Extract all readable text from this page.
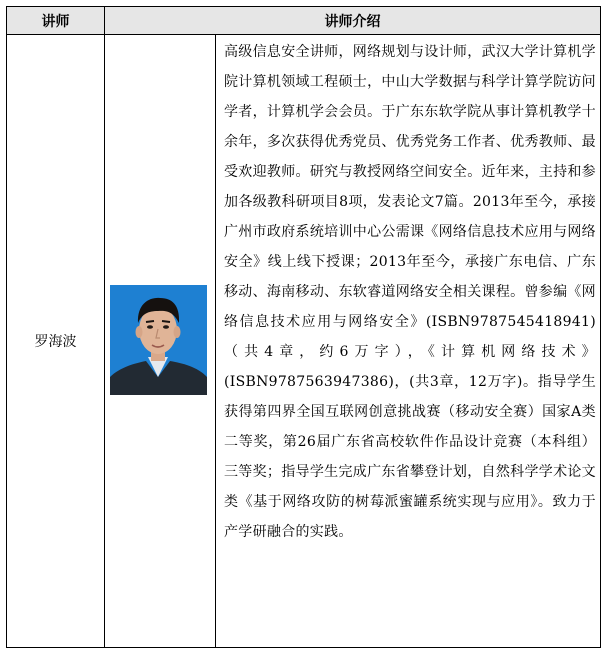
讲师	讲师介绍
罗海波
高级信息安全讲师，网络规划与设计师，武汉大学计算机学院计算机领域工程硕士，中山大学数据与科学计算学院访问学者，计算机学会会员。于广东东软学院从事计算机教学十余年，多次获得优秀党员、优秀党务工作者、优秀教师、最受欢迎教师。研究与教授网络空间安全。近年来，主持和参加各级教科研项目8项，发表论文7篇。2013年至今，承接广州市政府系统培训中心公需课《网络信息技术应用与网络安全》线上线下授课；2013年至今，承接广东电信、广东移动、海南移动、东软睿道网络安全相关课程。曾参编《网络信息技术应用与网络安全》(ISBN9787545418941)（共4章，约6万字），《计算机网络技术》(ISBN9787563947386)，(共3章，12万字)。指导学生获得第四界全国互联网创意挑战赛（移动安全赛）国家A类二等奖，第26届广东省高校软件作品设计竞赛（本科组）三等奖；指导学生完成广东省攀登计划，自然科学学术论文类《基于网络攻防的树莓派蜜罐系统实现与应用》。致力于产学研融合的实践。
